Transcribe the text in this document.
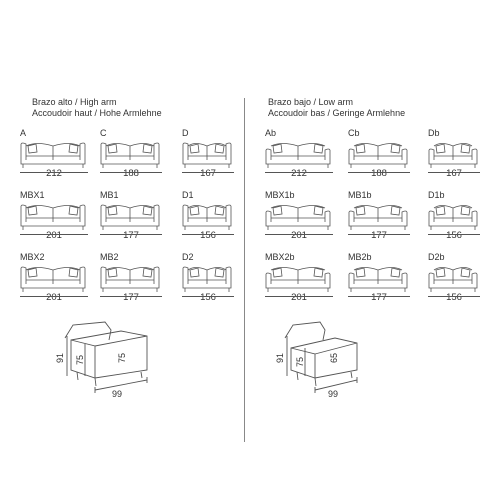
Brazo alto / High arm
Accoudoir haut / Hohe Armlehne
Brazo bajo / Low arm
Accoudoir bas / Geringe Armlehne
A
212
C
188
D
167
MBX1
201
MB1
177
D1
156
MBX2
201
MB2
177
D2
156
Ab
212
Cb
188
Db
167
MBX1b
201
MB1b
177
D1b
156
MBX2b
201
MB2b
177
D2b
156
91 75	75
99
91 75	65
99
